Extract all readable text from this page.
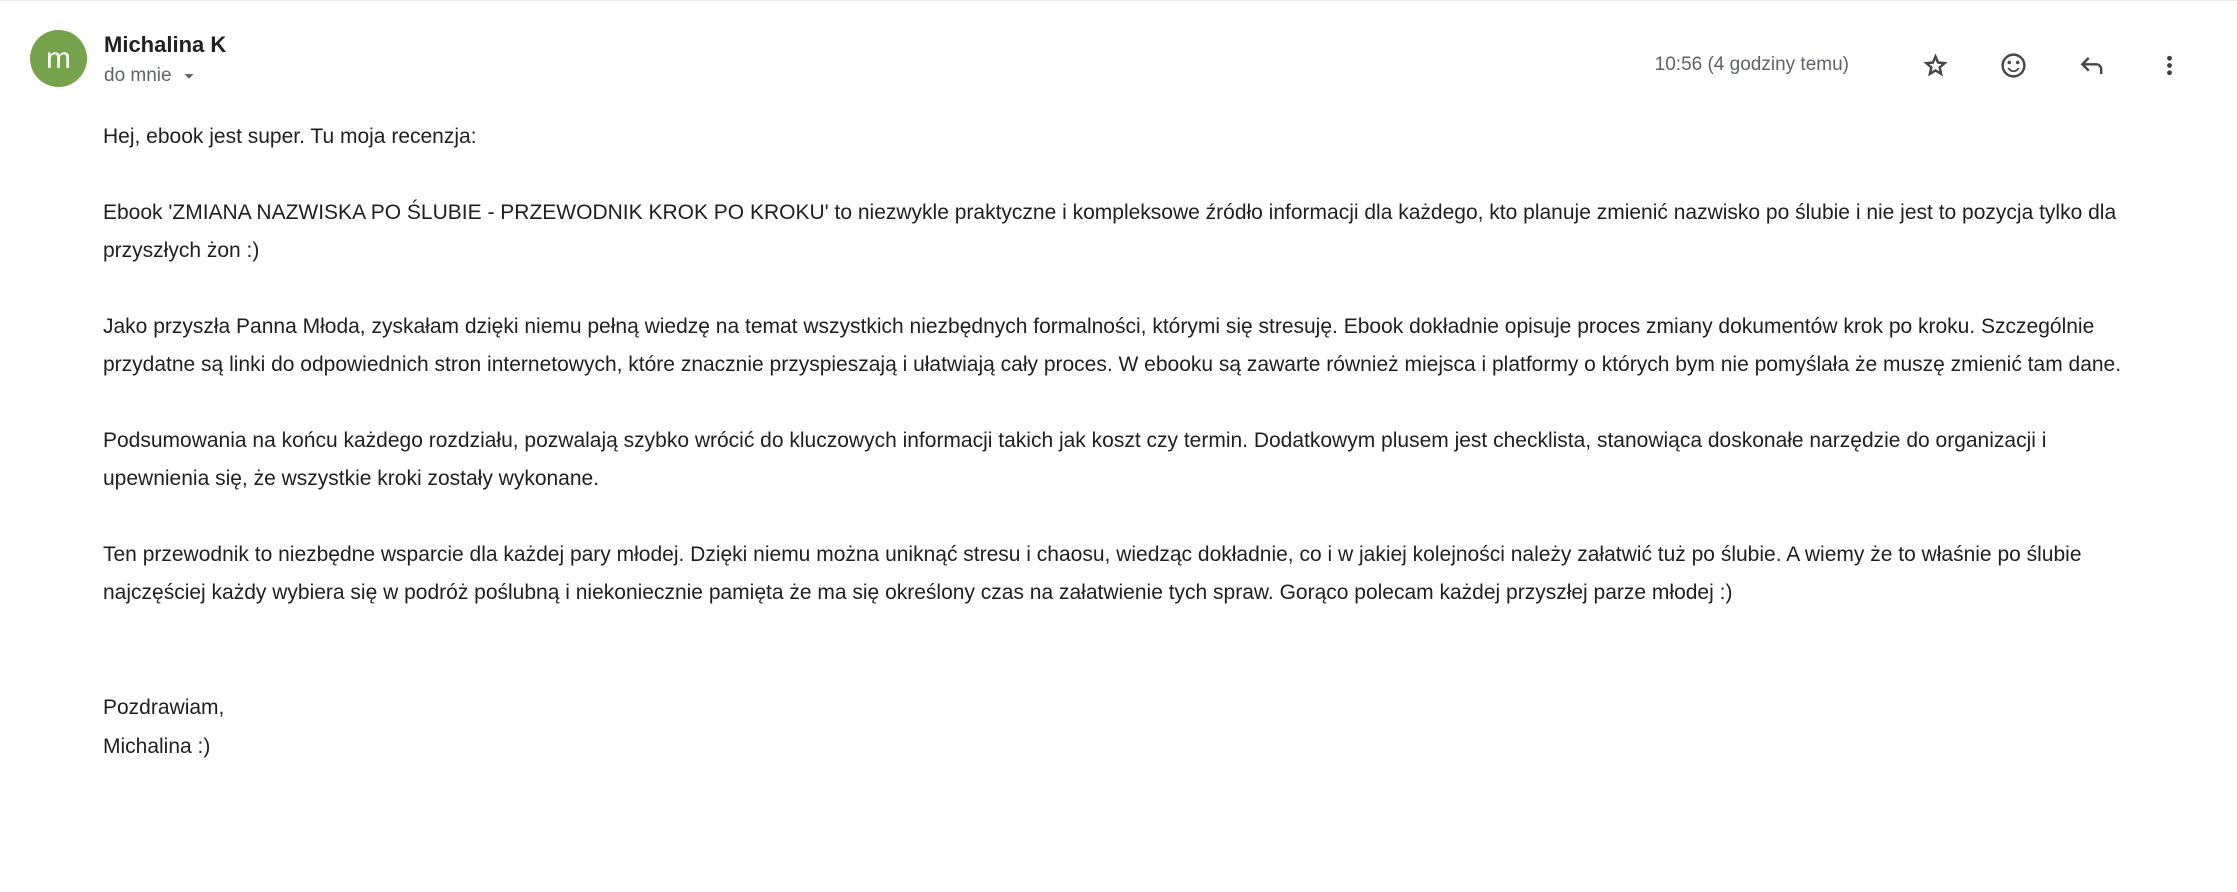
m	Michalina K
do mnie
10:56 (4 godziny temu)

Hej, ebook jest super. Tu moja recenzja:

Ebook 'ZMIANA NAZWISKA PO ŚLUBIE - PRZEWODNIK KROK PO KROKU' to niezwykle praktyczne i kompleksowe źródło informacji dla każdego, kto planuje zmienić nazwisko po ślubie i nie jest to pozycja tylko dla przyszłych żon :)

Jako przyszła Panna Młoda, zyskałam dzięki niemu pełną wiedzę na temat wszystkich niezbędnych formalności, którymi się stresuję. Ebook dokładnie opisuje proces zmiany dokumentów krok po kroku. Szczególnie przydatne są linki do odpowiednich stron internetowych, które znacznie przyspieszają i ułatwiają cały proces. W ebooku są zawarte również miejsca i platformy o których bym nie pomyślała że muszę zmienić tam dane.

Podsumowania na końcu każdego rozdziału, pozwalają szybko wrócić do kluczowych informacji takich jak koszt czy termin. Dodatkowym plusem jest checklista, stanowiąca doskonałe narzędzie do organizacji i upewnienia się, że wszystkie kroki zostały wykonane.

Ten przewodnik to niezbędne wsparcie dla każdej pary młodej. Dzięki niemu można uniknąć stresu i chaosu, wiedząc dokładnie, co i w jakiej kolejności należy załatwić tuż po ślubie. A wiemy że to właśnie po ślubie najczęściej każdy wybiera się w podróż poślubną i niekoniecznie pamięta że ma się określony czas na załatwienie tych spraw. Gorąco polecam każdej przyszłej parze młodej :)

Pozdrawiam,
Michalina :)
